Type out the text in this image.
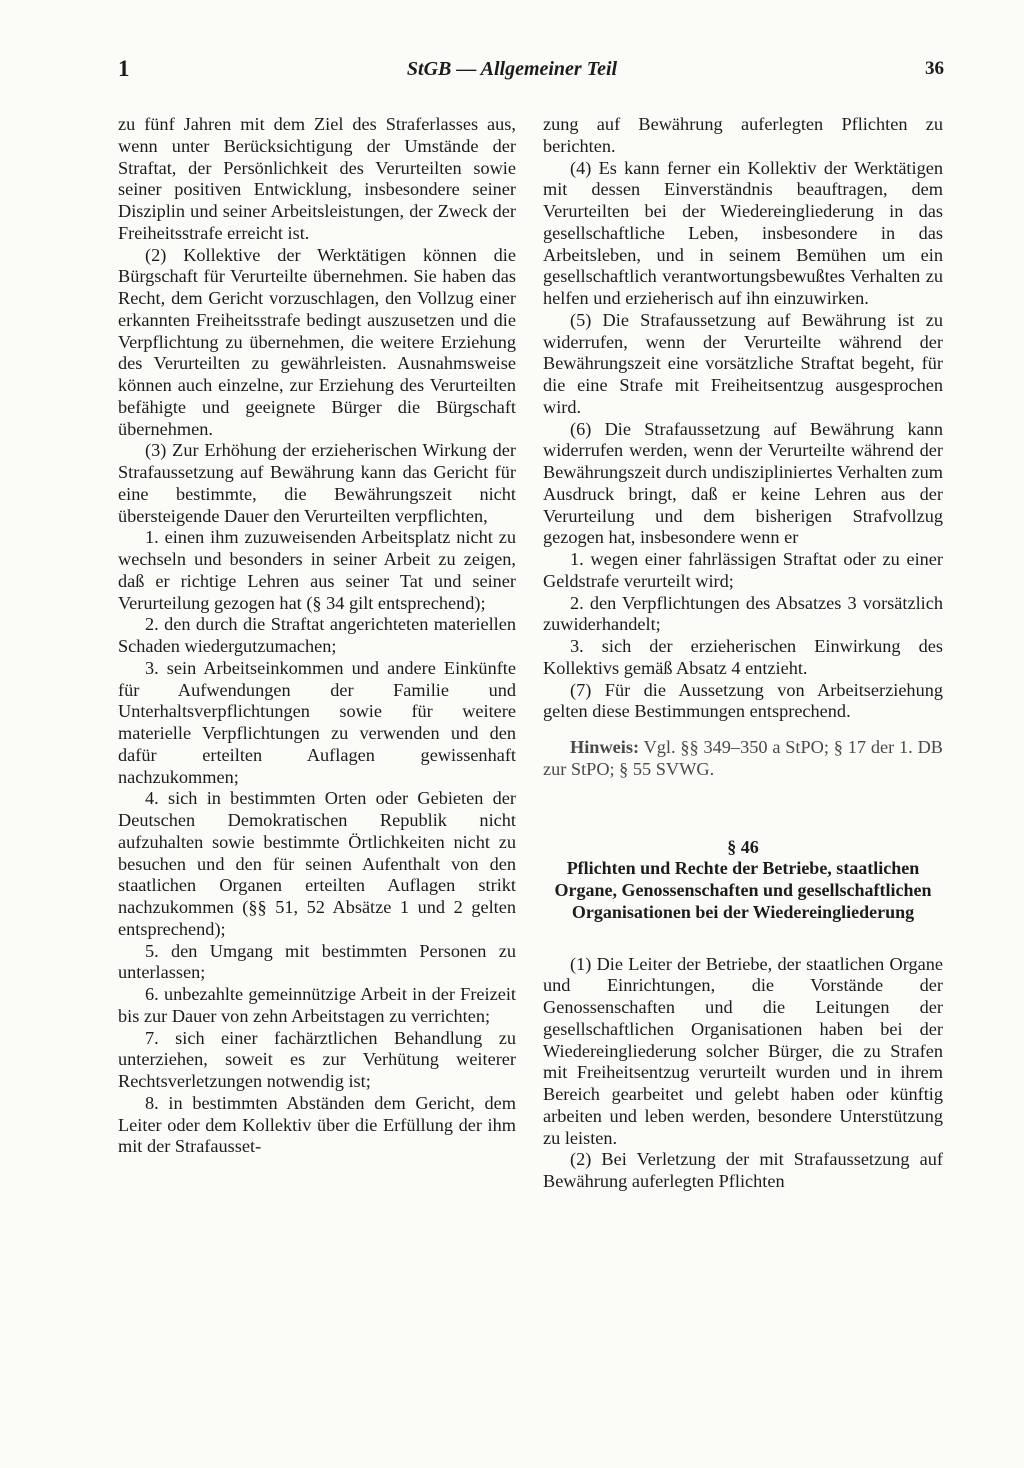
1	StGB — Allgemeiner Teil	36

zu fünf Jahren mit dem Ziel des Straferlasses aus, wenn unter Berücksichtigung der Umstände der Straftat, der Persönlichkeit des Verurteilten sowie seiner positiven Entwicklung, insbesondere seiner Disziplin und seiner Arbeitsleistungen, der Zweck der Freiheitsstrafe erreicht ist.

(2) Kollektive der Werktätigen können die Bürgschaft für Verurteilte übernehmen. Sie haben das Recht, dem Gericht vorzuschlagen, den Vollzug einer erkannten Freiheitsstrafe bedingt auszusetzen und die Verpflichtung zu übernehmen, die weitere Erziehung des Verurteilten zu gewährleisten. Ausnahmsweise können auch einzelne, zur Erziehung des Verurteilten befähigte und geeignete Bürger die Bürgschaft übernehmen.

(3) Zur Erhöhung der erzieherischen Wirkung der Strafaussetzung auf Bewährung kann das Gericht für eine bestimmte, die Bewährungszeit nicht übersteigende Dauer den Verurteilten verpflichten,

1. einen ihm zuzuweisenden Arbeitsplatz nicht zu wechseln und besonders in seiner Arbeit zu zeigen, daß er richtige Lehren aus seiner Tat und seiner Verurteilung gezogen hat (§ 34 gilt entsprechend);

2. den durch die Straftat angerichteten materiellen Schaden wiedergutzumachen;

3. sein Arbeitseinkommen und andere Einkünfte für Aufwendungen der Familie und Unterhaltsverpflichtungen sowie für weitere materielle Verpflichtungen zu verwenden und den dafür erteilten Auflagen gewissenhaft nachzukommen;

4. sich in bestimmten Orten oder Gebieten der Deutschen Demokratischen Republik nicht aufzuhalten sowie bestimmte Örtlichkeiten nicht zu besuchen und den für seinen Aufenthalt von den staatlichen Organen erteilten Auflagen strikt nachzukommen (§§ 51, 52 Absätze 1 und 2 gelten entsprechend);

5. den Umgang mit bestimmten Personen zu unterlassen;

6. unbezahlte gemeinnützige Arbeit in der Freizeit bis zur Dauer von zehn Arbeitstagen zu verrichten;

7. sich einer fachärztlichen Behandlung zu unterziehen, soweit es zur Verhütung weiterer Rechtsverletzungen notwendig ist;

8. in bestimmten Abständen dem Gericht, dem Leiter oder dem Kollektiv über die Erfüllung der ihm mit der Strafausset-

zung auf Bewährung auferlegten Pflichten zu berichten.

(4) Es kann ferner ein Kollektiv der Werktätigen mit dessen Einverständnis beauftragen, dem Verurteilten bei der Wiedereingliederung in das gesellschaftliche Leben, insbesondere in das Arbeitsleben, und in seinem Bemühen um ein gesellschaftlich verantwortungsbewußtes Verhalten zu helfen und erzieherisch auf ihn einzuwirken.

(5) Die Strafaussetzung auf Bewährung ist zu widerrufen, wenn der Verurteilte während der Bewährungszeit eine vorsätzliche Straftat begeht, für die eine Strafe mit Freiheitsentzug ausgesprochen wird.

(6) Die Strafaussetzung auf Bewährung kann widerrufen werden, wenn der Verurteilte während der Bewährungszeit durch undiszipliniertes Verhalten zum Ausdruck bringt, daß er keine Lehren aus der Verurteilung und dem bisherigen Strafvollzug gezogen hat, insbesondere wenn er

1. wegen einer fahrlässigen Straftat oder zu einer Geldstrafe verurteilt wird;

2. den Verpflichtungen des Absatzes 3 vorsätzlich zuwiderhandelt;

3. sich der erzieherischen Einwirkung des Kollektivs gemäß Absatz 4 entzieht.

(7) Für die Aussetzung von Arbeitserziehung gelten diese Bestimmungen entsprechend.

Hinweis: Vgl. §§ 349–350 a StPO; § 17 der 1. DB zur StPO; § 55 SVWG.

§ 46

Pflichten und Rechte der Betriebe, staatlichen Organe, Genossenschaften und gesellschaftlichen Organisationen bei der Wiedereingliederung

(1) Die Leiter der Betriebe, der staatlichen Organe und Einrichtungen, die Vorstände der Genossenschaften und die Leitungen der gesellschaftlichen Organisationen haben bei der Wiedereingliederung solcher Bürger, die zu Strafen mit Freiheitsentzug verurteilt wurden und in ihrem Bereich gearbeitet und gelebt haben oder künftig arbeiten und leben werden, besondere Unterstützung zu leisten.

(2) Bei Verletzung der mit Strafaussetzung auf Bewährung auferlegten Pflichten
